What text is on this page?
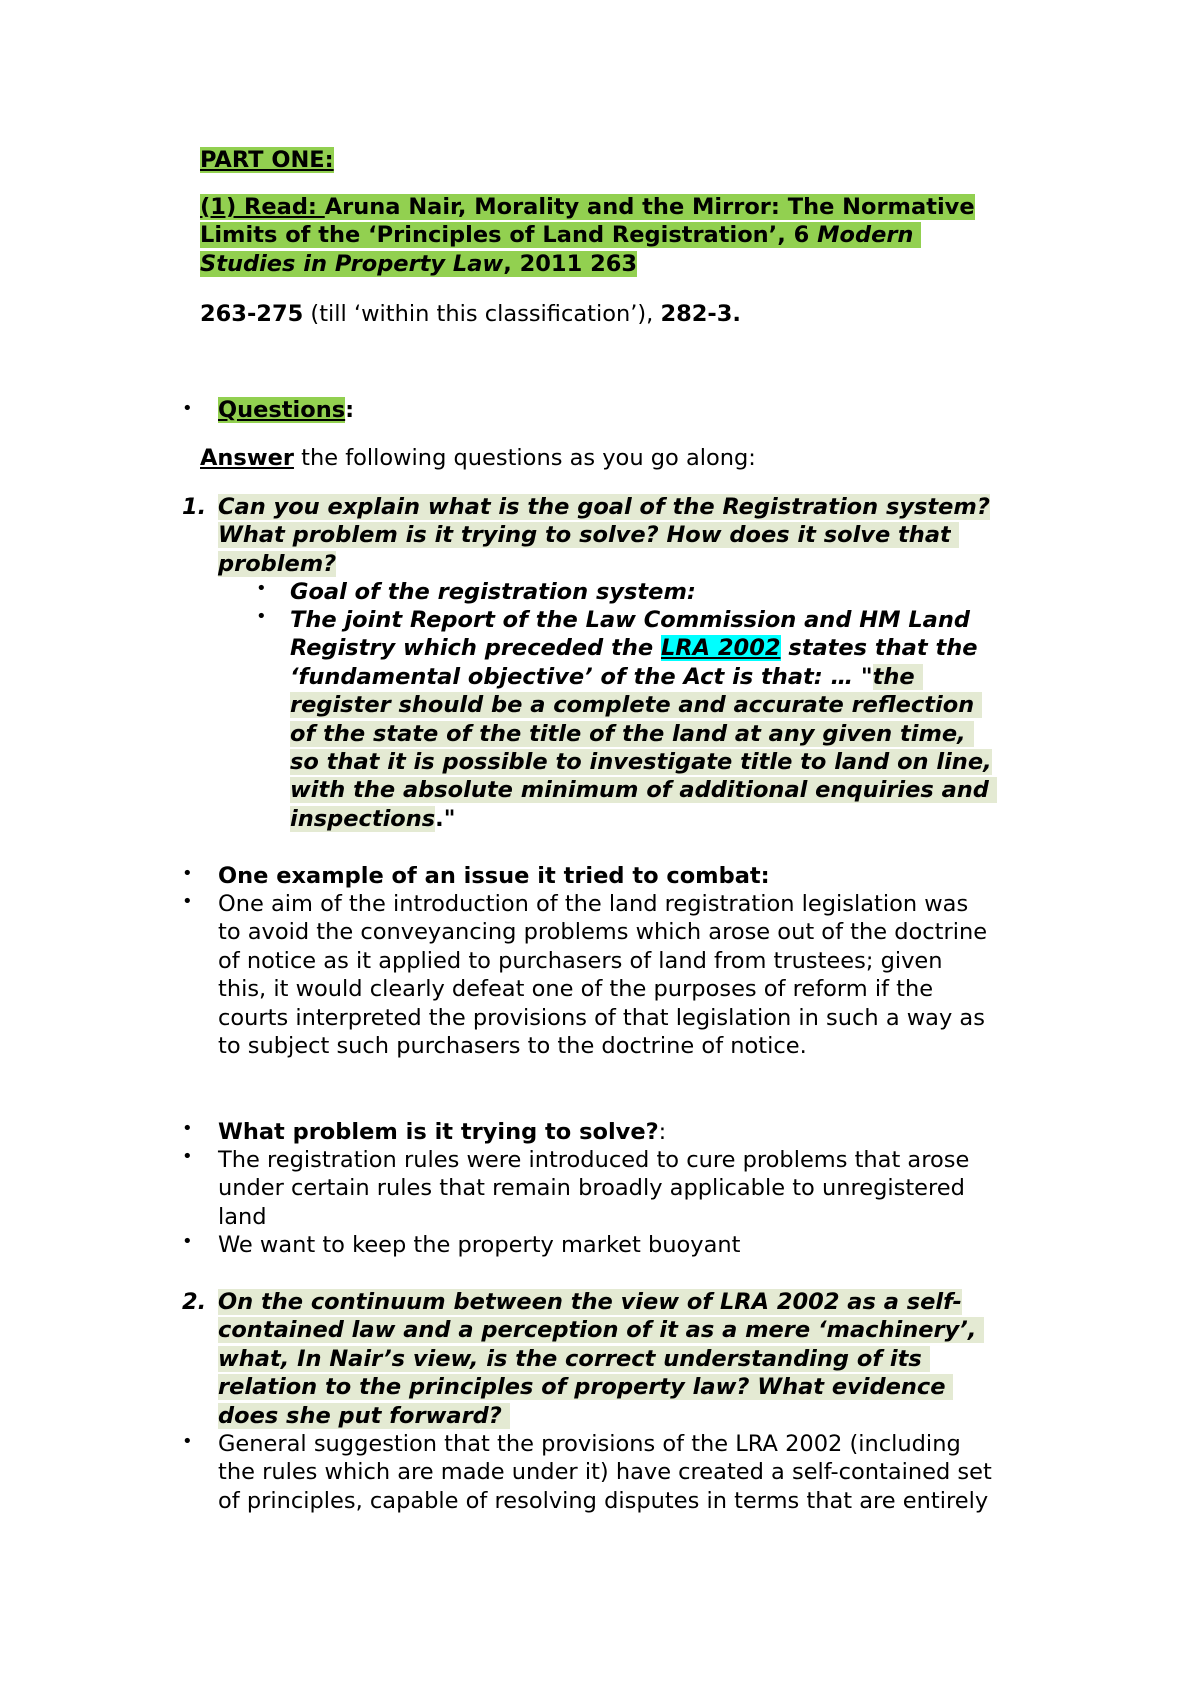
PART ONE:
(1) Read: Aruna Nair, Morality and the Mirror: The Normative
Limits of the ‘Principles of Land Registration’, 6 Modern
Studies in Property Law, 2011 263
263-275 (till ‘within this classification’), 282-3.
• Questions:
Answer the following questions as you go along:
1. Can you explain what is the goal of the Registration system?
What problem is it trying to solve? How does it solve that
problem?
• Goal of the registration system:
• The joint Report of the Law Commission and HM Land
Registry which preceded the LRA 2002 states that the
‘fundamental objective’ of the Act is that: … "the
register should be a complete and accurate reflection
of the state of the title of the land at any given time,
so that it is possible to investigate title to land on line,
with the absolute minimum of additional enquiries and
inspections."
• One example of an issue it tried to combat:
• One aim of the introduction of the land registration legislation was
to avoid the conveyancing problems which arose out of the doctrine
of notice as it applied to purchasers of land from trustees; given
this, it would clearly defeat one of the purposes of reform if the
courts interpreted the provisions of that legislation in such a way as
to subject such purchasers to the doctrine of notice.
• What problem is it trying to solve?:
• The registration rules were introduced to cure problems that arose
under certain rules that remain broadly applicable to unregistered
land
• We want to keep the property market buoyant
2. On the continuum between the view of LRA 2002 as a self-
contained law and a perception of it as a mere ‘machinery’,
what, In Nair’s view, is the correct understanding of its
relation to the principles of property law? What evidence
does she put forward?
• General suggestion that the provisions of the LRA 2002 (including
the rules which are made under it) have created a self-contained set
of principles, capable of resolving disputes in terms that are entirely
